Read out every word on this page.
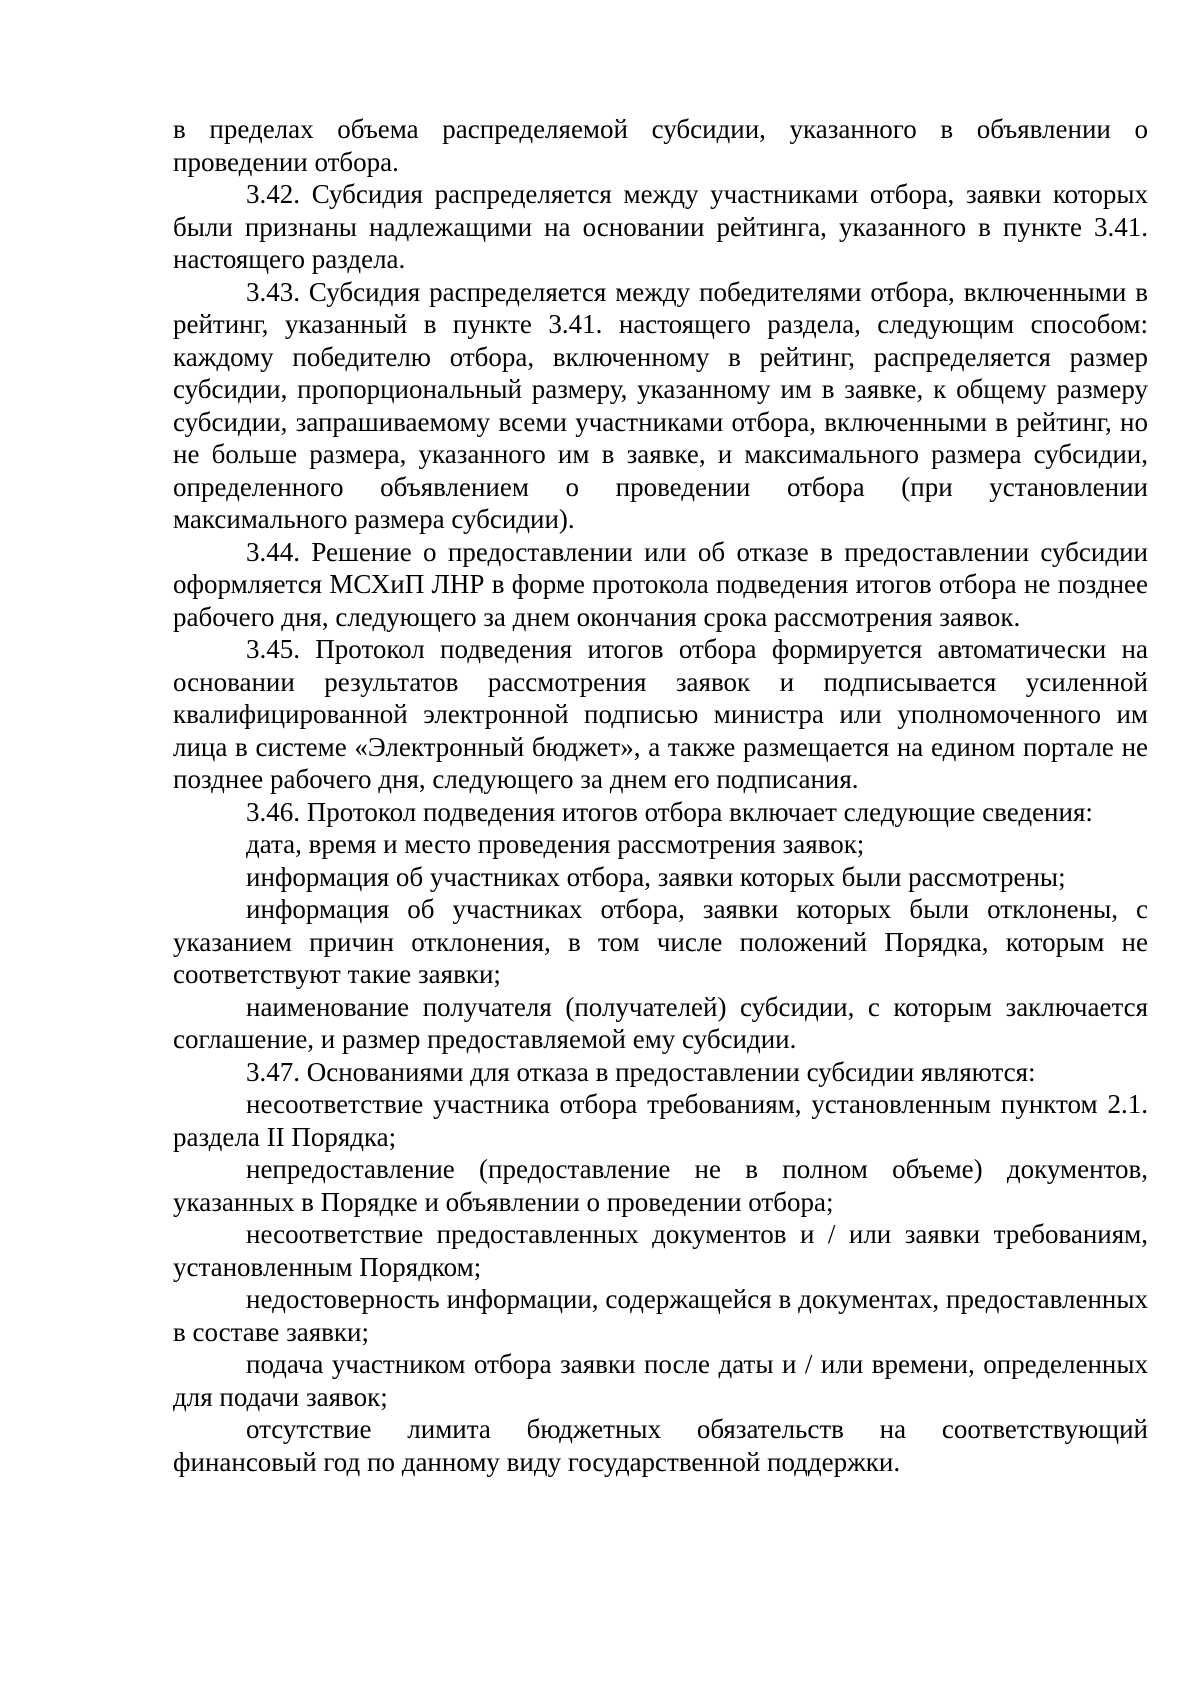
в пределах объема распределяемой субсидии, указанного в объявлении о проведении отбора.

3.42. Субсидия распределяется между участниками отбора, заявки которых были признаны надлежащими на основании рейтинга, указанного в пункте 3.41. настоящего раздела.

3.43. Субсидия распределяется между победителями отбора, включенными в рейтинг, указанный в пункте 3.41. настоящего раздела, следующим способом: каждому победителю отбора, включенному в рейтинг, распределяется размер субсидии, пропорциональный размеру, указанному им в заявке, к общему размеру субсидии, запрашиваемому всеми участниками отбора, включенными в рейтинг, но не больше размера, указанного им в заявке, и максимального размера субсидии, определенного объявлением о проведении отбора (при установлении максимального размера субсидии).

3.44. Решение о предоставлении или об отказе в предоставлении субсидии оформляется МСХиП ЛНР в форме протокола подведения итогов отбора не позднее рабочего дня, следующего за днем окончания срока рассмотрения заявок.

3.45. Протокол подведения итогов отбора формируется автоматически на основании результатов рассмотрения заявок и подписывается усиленной квалифицированной электронной подписью министра или уполномоченного им лица в системе «Электронный бюджет», а также размещается на едином портале не позднее рабочего дня, следующего за днем его подписания.

3.46. Протокол подведения итогов отбора включает следующие сведения:

дата, время и место проведения рассмотрения заявок;

информация об участниках отбора, заявки которых были рассмотрены;

информация об участниках отбора, заявки которых были отклонены, с указанием причин отклонения, в том числе положений Порядка, которым не соответствуют такие заявки;

наименование получателя (получателей) субсидии, с которым заключается соглашение, и размер предоставляемой ему субсидии.

3.47. Основаниями для отказа в предоставлении субсидии являются:

несоответствие участника отбора требованиям, установленным пунктом 2.1. раздела II Порядка;

непредоставление (предоставление не в полном объеме) документов, указанных в Порядке и объявлении о проведении отбора;

несоответствие предоставленных документов и / или заявки требованиям, установленным Порядком;

недостоверность информации, содержащейся в документах, предоставленных в составе заявки;

подача участником отбора заявки после даты и / или времени, определенных для подачи заявок;

отсутствие лимита бюджетных обязательств на соответствующий финансовый год по данному виду государственной поддержки.
